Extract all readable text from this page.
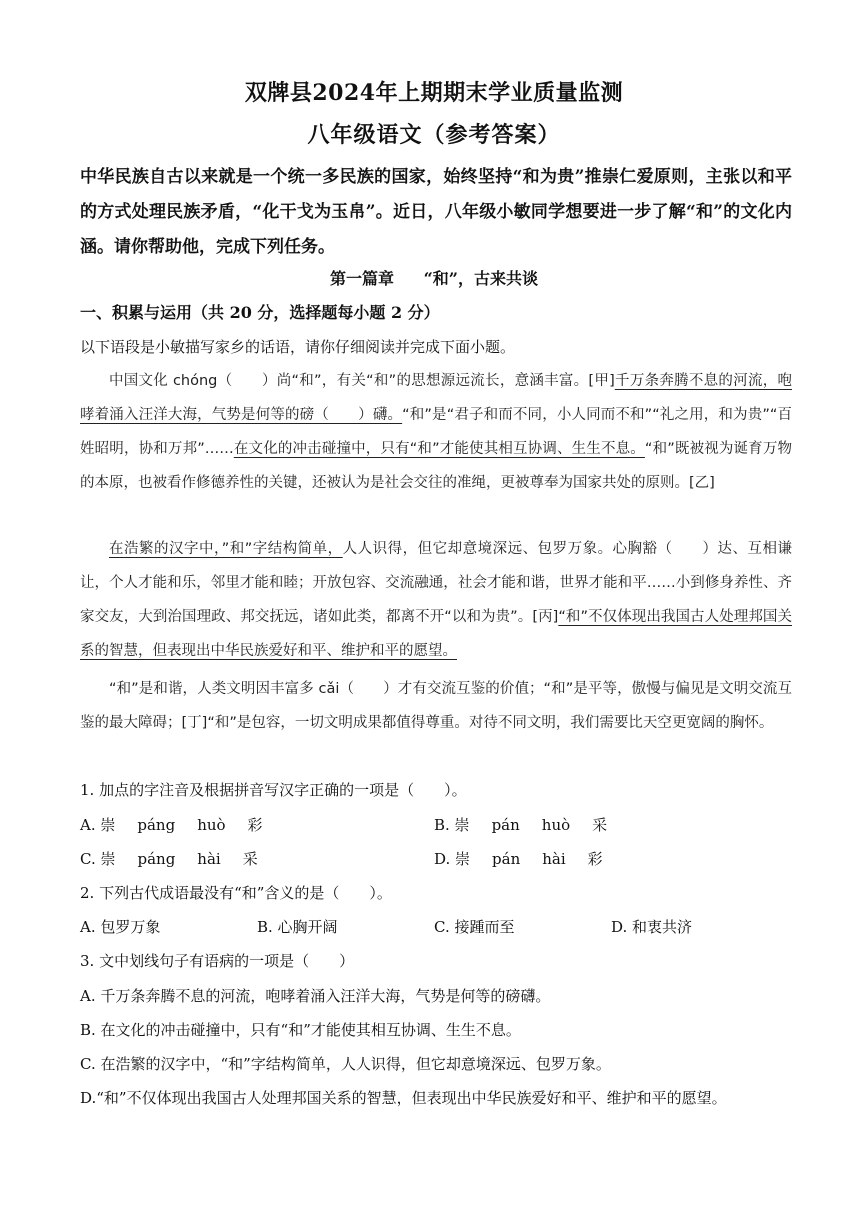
双牌县2024年上期期末学业质量监测
八年级语文（参考答案）
中华民族自古以来就是一个统一多民族的国家，始终坚持“和为贵”推崇仁爱原则，主张以和平的方式处理民族矛盾，“化干戈为玉帛”。近日，八年级小敏同学想要进一步了解“和”的文化内涵。请你帮助他，完成下列任务。
第一篇章 “和”，古来共谈
一、积累与运用（共 20 分，选择题每小题 2 分）
以下语段是小敏描写家乡的话语，请你仔细阅读并完成下面小题。
中国文化 chóng（　　）尚“和”，有关“和”的思想源远流长，意涵丰富。[甲]千万条奔腾不息的河流，咆哮着涌入汪洋大海，气势是何等的磅（　　）礴。“和”是“君子和而不同，小人同而不和”“礼之用，和为贵”“百姓昭明，协和万邦”……在文化的冲击碰撞中，只有“和”才能使其相互协调、生生不息。“和”既被视为诞育万物的本原，也被看作修德养性的关键，还被认为是社会交往的准绳，更被尊奉为国家共处的原则。[乙]
在浩繁的汉字中，”和”字结构简单，人人识得，但它却意境深远、包罗万象。心胸豁（　　）达、互相谦让，个人才能和乐，邻里才能和睦；开放包容、交流融通，社会才能和谐，世界才能和平……小到修身养性、齐家交友，大到治国理政、邦交抚远，诸如此类，都离不开“以和为贵”。[丙]“和”不仅体现出我国古人处理邦国关系的智慧，但表现出中华民族爱好和平、维护和平的愿望。
“和”是和谐，人类文明因丰富多 cǎi（　　）才有交流互鉴的价值；“和”是平等，傲慢与偏见是文明交流互鉴的最大障碍；[丁]“和”是包容，一切文明成果都值得尊重。对待不同文明，我们需要比天空更宽阔的胸怀。
1. 加点的字注音及根据拼音写汉字正确的一项是（　　）。
A. 崇 páng huò 彩	B. 崇 pán huò 采
C. 崇 páng hài 采	D. 崇 pán hài 彩
2. 下列古代成语最没有“和”含义的是（　　）。
A. 包罗万象	B. 心胸开阔	C. 接踵而至	D. 和衷共济
3. 文中划线句子有语病的一项是（　　）
A. 千万条奔腾不息的河流，咆哮着涌入汪洋大海，气势是何等的磅礴。
B. 在文化的冲击碰撞中，只有“和”才能使其相互协调、生生不息。
C. 在浩繁的汉字中，“和”字结构简单，人人识得，但它却意境深远、包罗万象。
D.“和”不仅体现出我国古人处理邦国关系的智慧，但表现出中华民族爱好和平、维护和平的愿望。
